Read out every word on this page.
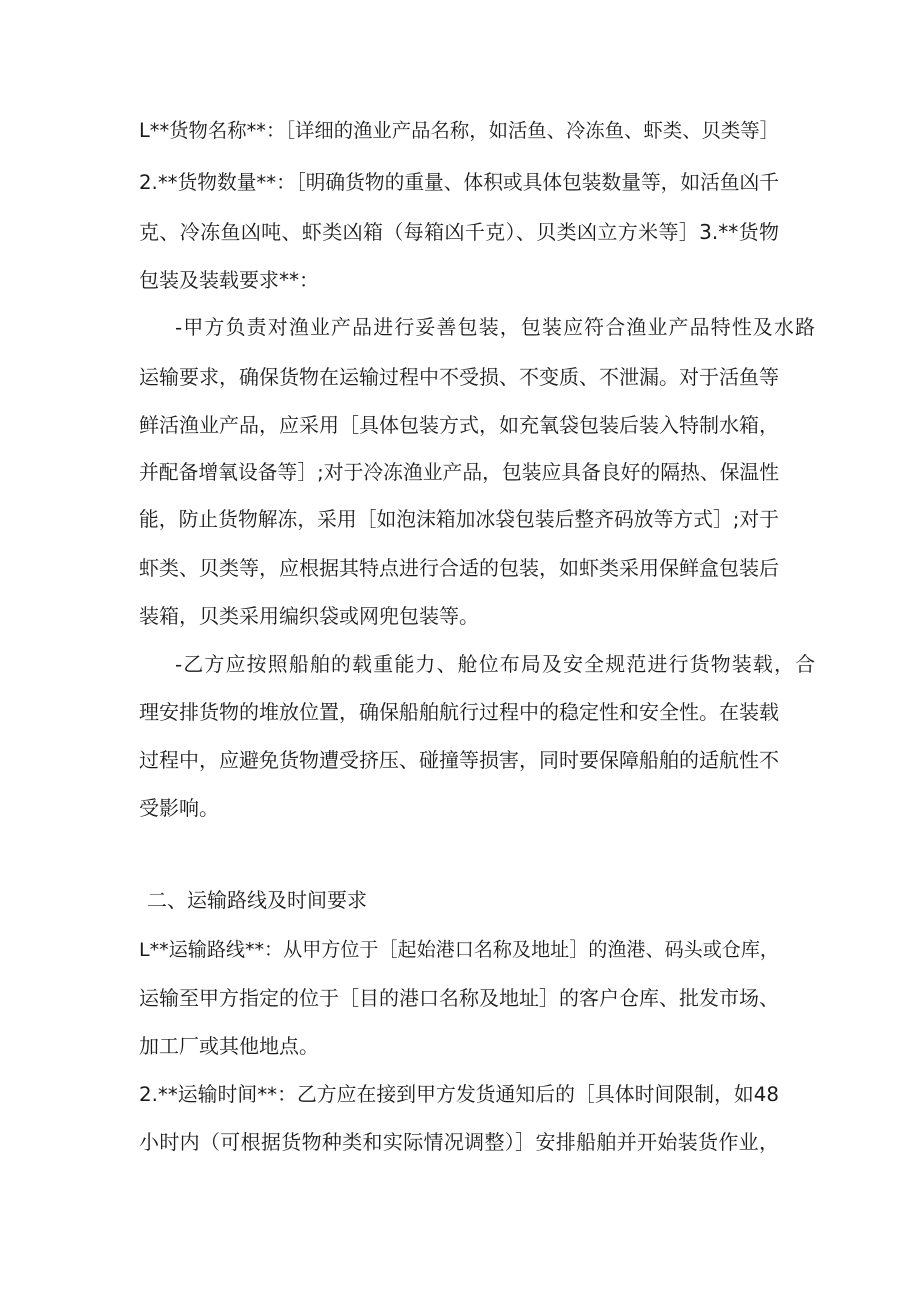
L**货物名称**：［详细的渔业产品名称，如活鱼、冷冻鱼、虾类、贝类等］
2.**货物数量**：［明确货物的重量、体积或具体包装数量等，如活鱼凶千
克、冷冻鱼凶吨、虾类凶箱（每箱凶千克）、贝类凶立方米等］3.**货物
包装及装载要求**：
-甲方负责对渔业产品进行妥善包装，包装应符合渔业产品特性及水路
运输要求，确保货物在运输过程中不受损、不变质、不泄漏。对于活鱼等
鲜活渔业产品，应采用［具体包装方式，如充氧袋包装后装入特制水箱，
并配备增氧设备等］;对于冷冻渔业产品，包装应具备良好的隔热、保温性
能，防止货物解冻，采用［如泡沫箱加冰袋包装后整齐码放等方式］;对于
虾类、贝类等，应根据其特点进行合适的包装，如虾类采用保鲜盒包装后
装箱，贝类采用编织袋或网兜包装等。
-乙方应按照船舶的载重能力、舱位布局及安全规范进行货物装载，合
理安排货物的堆放位置，确保船舶航行过程中的稳定性和安全性。在装载
过程中，应避免货物遭受挤压、碰撞等损害，同时要保障船舶的适航性不
受影响。
二、运输路线及时间要求
L**运输路线**：从甲方位于［起始港口名称及地址］的渔港、码头或仓库，
运输至甲方指定的位于［目的港口名称及地址］的客户仓库、批发市场、
加工厂或其他地点。
2.**运输时间**：乙方应在接到甲方发货通知后的［具体时间限制，如48
小时内（可根据货物种类和实际情况调整）］安排船舶并开始装货作业，
